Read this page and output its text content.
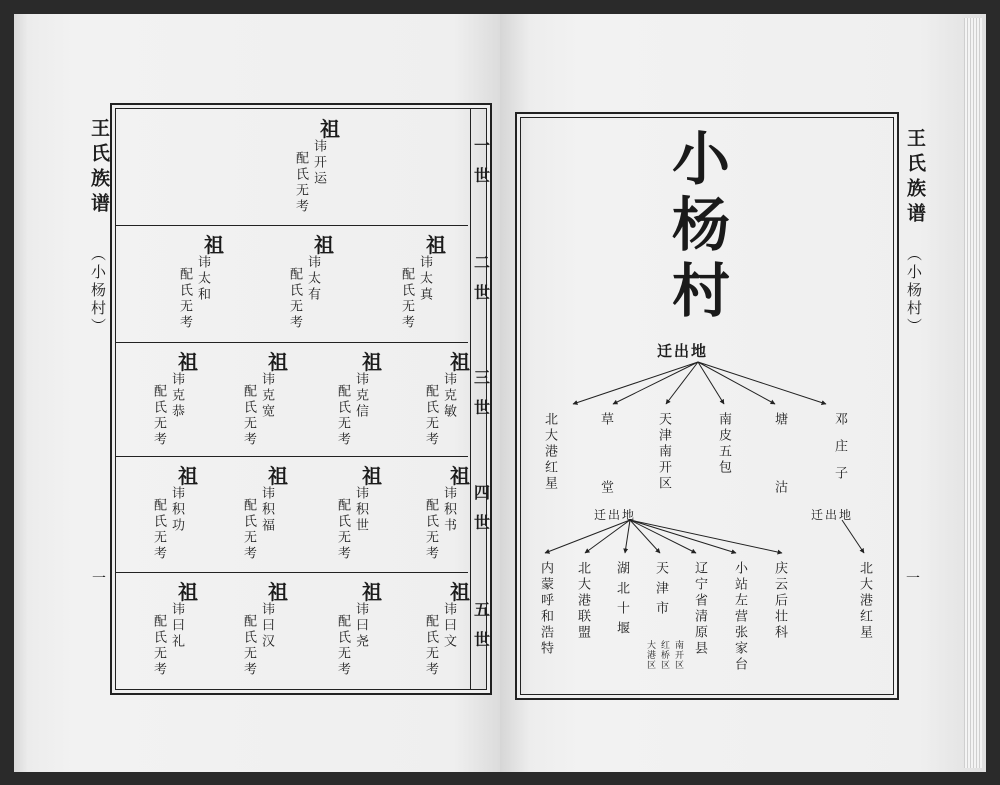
王氏族谱
（小杨村）
一
祖
讳开运
配氏无考	一世
祖
讳太真
配氏无考
祖
讳太有
配氏无考
祖
讳太和
配氏无考	二世
祖
讳克敏
配氏无考
祖
讳克信
配氏无考
祖
讳克宽
配氏无考
祖
讳克恭
配氏无考	三世
祖
讳积书
配氏无考
祖
讳积世
配氏无考
祖
讳积福
配氏无考
祖
讳积功
配氏无考	四世
祖
讳曰文
配氏无考
祖
讳曰尧
配氏无考
祖
讳曰汉
配氏无考
祖
讳曰礼
配氏无考	五世
王氏族谱
（小杨村）
一
小杨村
迁出地
北大港红星	草
堂	天津南开区	南皮五包	塘
沽	邓庄子
迁出地	迁出地
内蒙呼和浩特 北大港联盟 湖北十堰 天津市
大港区 红桥区 南开区 辽宁省清原县 小站左营张家台 庆云后壮科	北大港红星
